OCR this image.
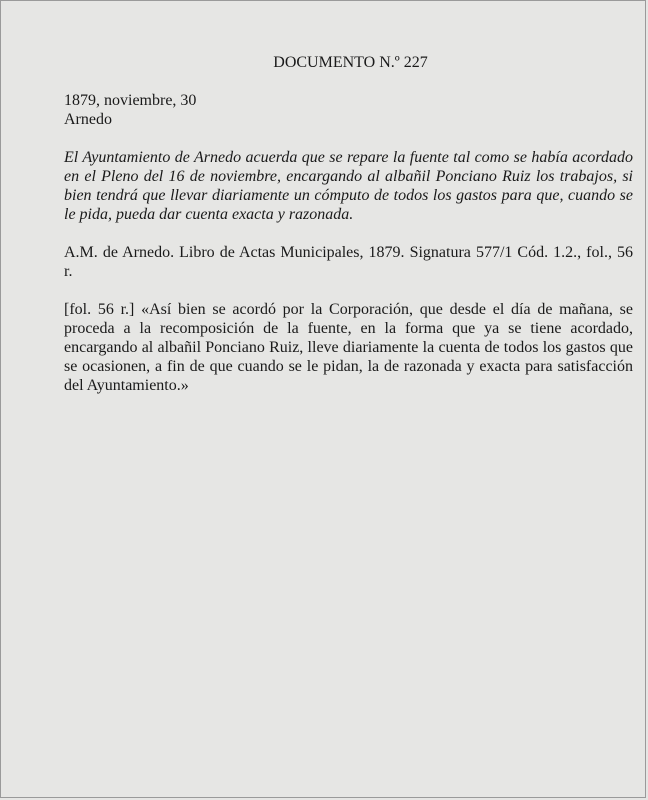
DOCUMENTO N.º 227

1879, noviembre, 30

Arnedo

El Ayuntamiento de Arnedo acuerda que se repare la fuente tal como se había acordado en el Pleno del 16 de noviembre, encargando al albañil Ponciano Ruiz los trabajos, si bien tendrá que llevar diariamente un cómputo de todos los gastos para que, cuando se le pida, pueda dar cuenta exacta y razonada.

A.M. de Arnedo. Libro de Actas Municipales, 1879. Signatura 577/1 Cód. 1.2., fol., 56 r.

[fol. 56 r.] «Así bien se acordó por la Corporación, que desde el día de mañana, se proceda a la recomposición de la fuente, en la forma que ya se tiene acordado, encargando al albañil Ponciano Ruiz, lleve diariamente la cuenta de todos los gastos que se ocasionen, a fin de que cuando se le pidan, la de razonada y exacta para satisfacción del Ayuntamiento.»
